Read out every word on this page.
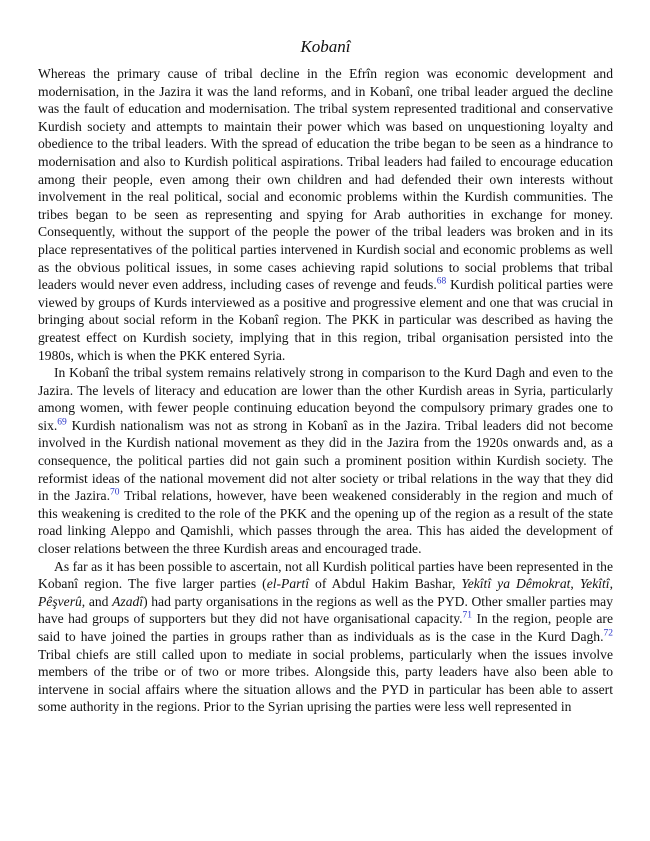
Kobanî

Whereas the primary cause of tribal decline in the Efrîn region was economic development and modernisation, in the Jazira it was the land reforms, and in Kobanî, one tribal leader argued the decline was the fault of education and modernisation. The tribal system represented traditional and conservative Kurdish society and attempts to maintain their power which was based on unquestioning loyalty and obedience to the tribal leaders. With the spread of education the tribe began to be seen as a hindrance to modernisation and also to Kurdish political aspirations. Tribal leaders had failed to encourage education among their people, even among their own children and had defended their own interests without involvement in the real political, social and economic problems within the Kurdish communities. The tribes began to be seen as representing and spying for Arab authorities in exchange for money. Consequently, without the support of the people the power of the tribal leaders was broken and in its place representatives of the political parties intervened in Kurdish social and economic problems as well as the obvious political issues, in some cases achieving rapid solutions to social problems that tribal leaders would never even address, including cases of revenge and feuds.$^{68}$ Kurdish political parties were viewed by groups of Kurds interviewed as a positive and progressive element and one that was crucial in bringing about social reform in the Kobanî region. The PKK in particular was described as having the greatest effect on Kurdish society, implying that in this region, tribal organisation persisted into the 1980s, which is when the PKK entered Syria.

In Kobanî the tribal system remains relatively strong in comparison to the Kurd Dagh and even to the Jazira. The levels of literacy and education are lower than the other Kurdish areas in Syria, particularly among women, with fewer people continuing education beyond the compulsory primary grades one to six.$^{69}$ Kurdish nationalism was not as strong in Kobanî as in the Jazira. Tribal leaders did not become involved in the Kurdish national movement as they did in the Jazira from the 1920s onwards and, as a consequence, the political parties did not gain such a prominent position within Kurdish society. The reformist ideas of the national movement did not alter society or tribal relations in the way that they did in the Jazira.$^{70}$ Tribal relations, however, have been weakened considerably in the region and much of this weakening is credited to the role of the PKK and the opening up of the region as a result of the state road linking Aleppo and Qamishli, which passes through the area. This has aided the development of closer relations between the three Kurdish areas and encouraged trade.

As far as it has been possible to ascertain, not all Kurdish political parties have been represented in the Kobanî region. The five larger parties (el-Partî of Abdul Hakim Bashar, Yekîtî ya Dêmokrat, Yekîtî, Pêşverû, and Azadî) had party organisations in the regions as well as the PYD. Other smaller parties may have had groups of supporters but they did not have organisational capacity.$^{71}$ In the region, people are said to have joined the parties in groups rather than as individuals as is the case in the Kurd Dagh.$^{72}$ Tribal chiefs are still called upon to mediate in social problems, particularly when the issues involve members of the tribe or of two or more tribes. Alongside this, party leaders have also been able to intervene in social affairs where the situation allows and the PYD in particular has been able to assert some authority in the regions. Prior to the Syrian uprising the parties were less well represented in
